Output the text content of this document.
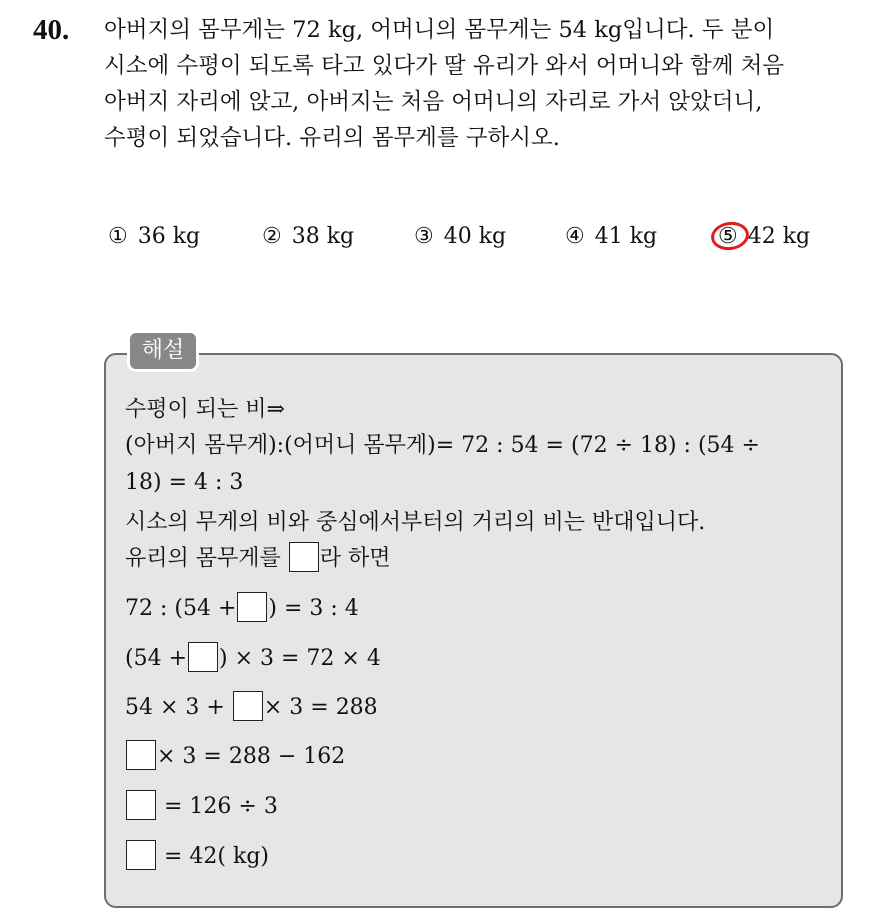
40. 아버지의 몸무게는 72 kg, 어머니의 몸무게는 54 kg입니다. 두 분이
시소에 수평이 되도록 타고 있다가 딸 유리가 와서 어머니와 함께 처음
아버지 자리에 앉고, 아버지는 처음 어머니의 자리로 가서 앉았더니,
수평이 되었습니다. 유리의 몸무게를 구하시오.
① 36 kg	② 38 kg	③ 40 kg	④ 41 kg	⑤ 42 kg
해설
수평이 되는 비⇒
(아버지 몸무게):(어머니 몸무게)= 72 : 54 = (72 ÷ 18) : (54 ÷
18) = 4 : 3
시소의 무게의 비와 중심에서부터의 거리의 비는 반대입니다.
유리의 몸무게를 라 하면
72 : (54 + ) = 3 : 4
(54 + ) × 3 = 72 × 4
54 × 3 + × 3 = 288
× 3 = 288 − 162
= 126 ÷ 3
= 42( kg)
